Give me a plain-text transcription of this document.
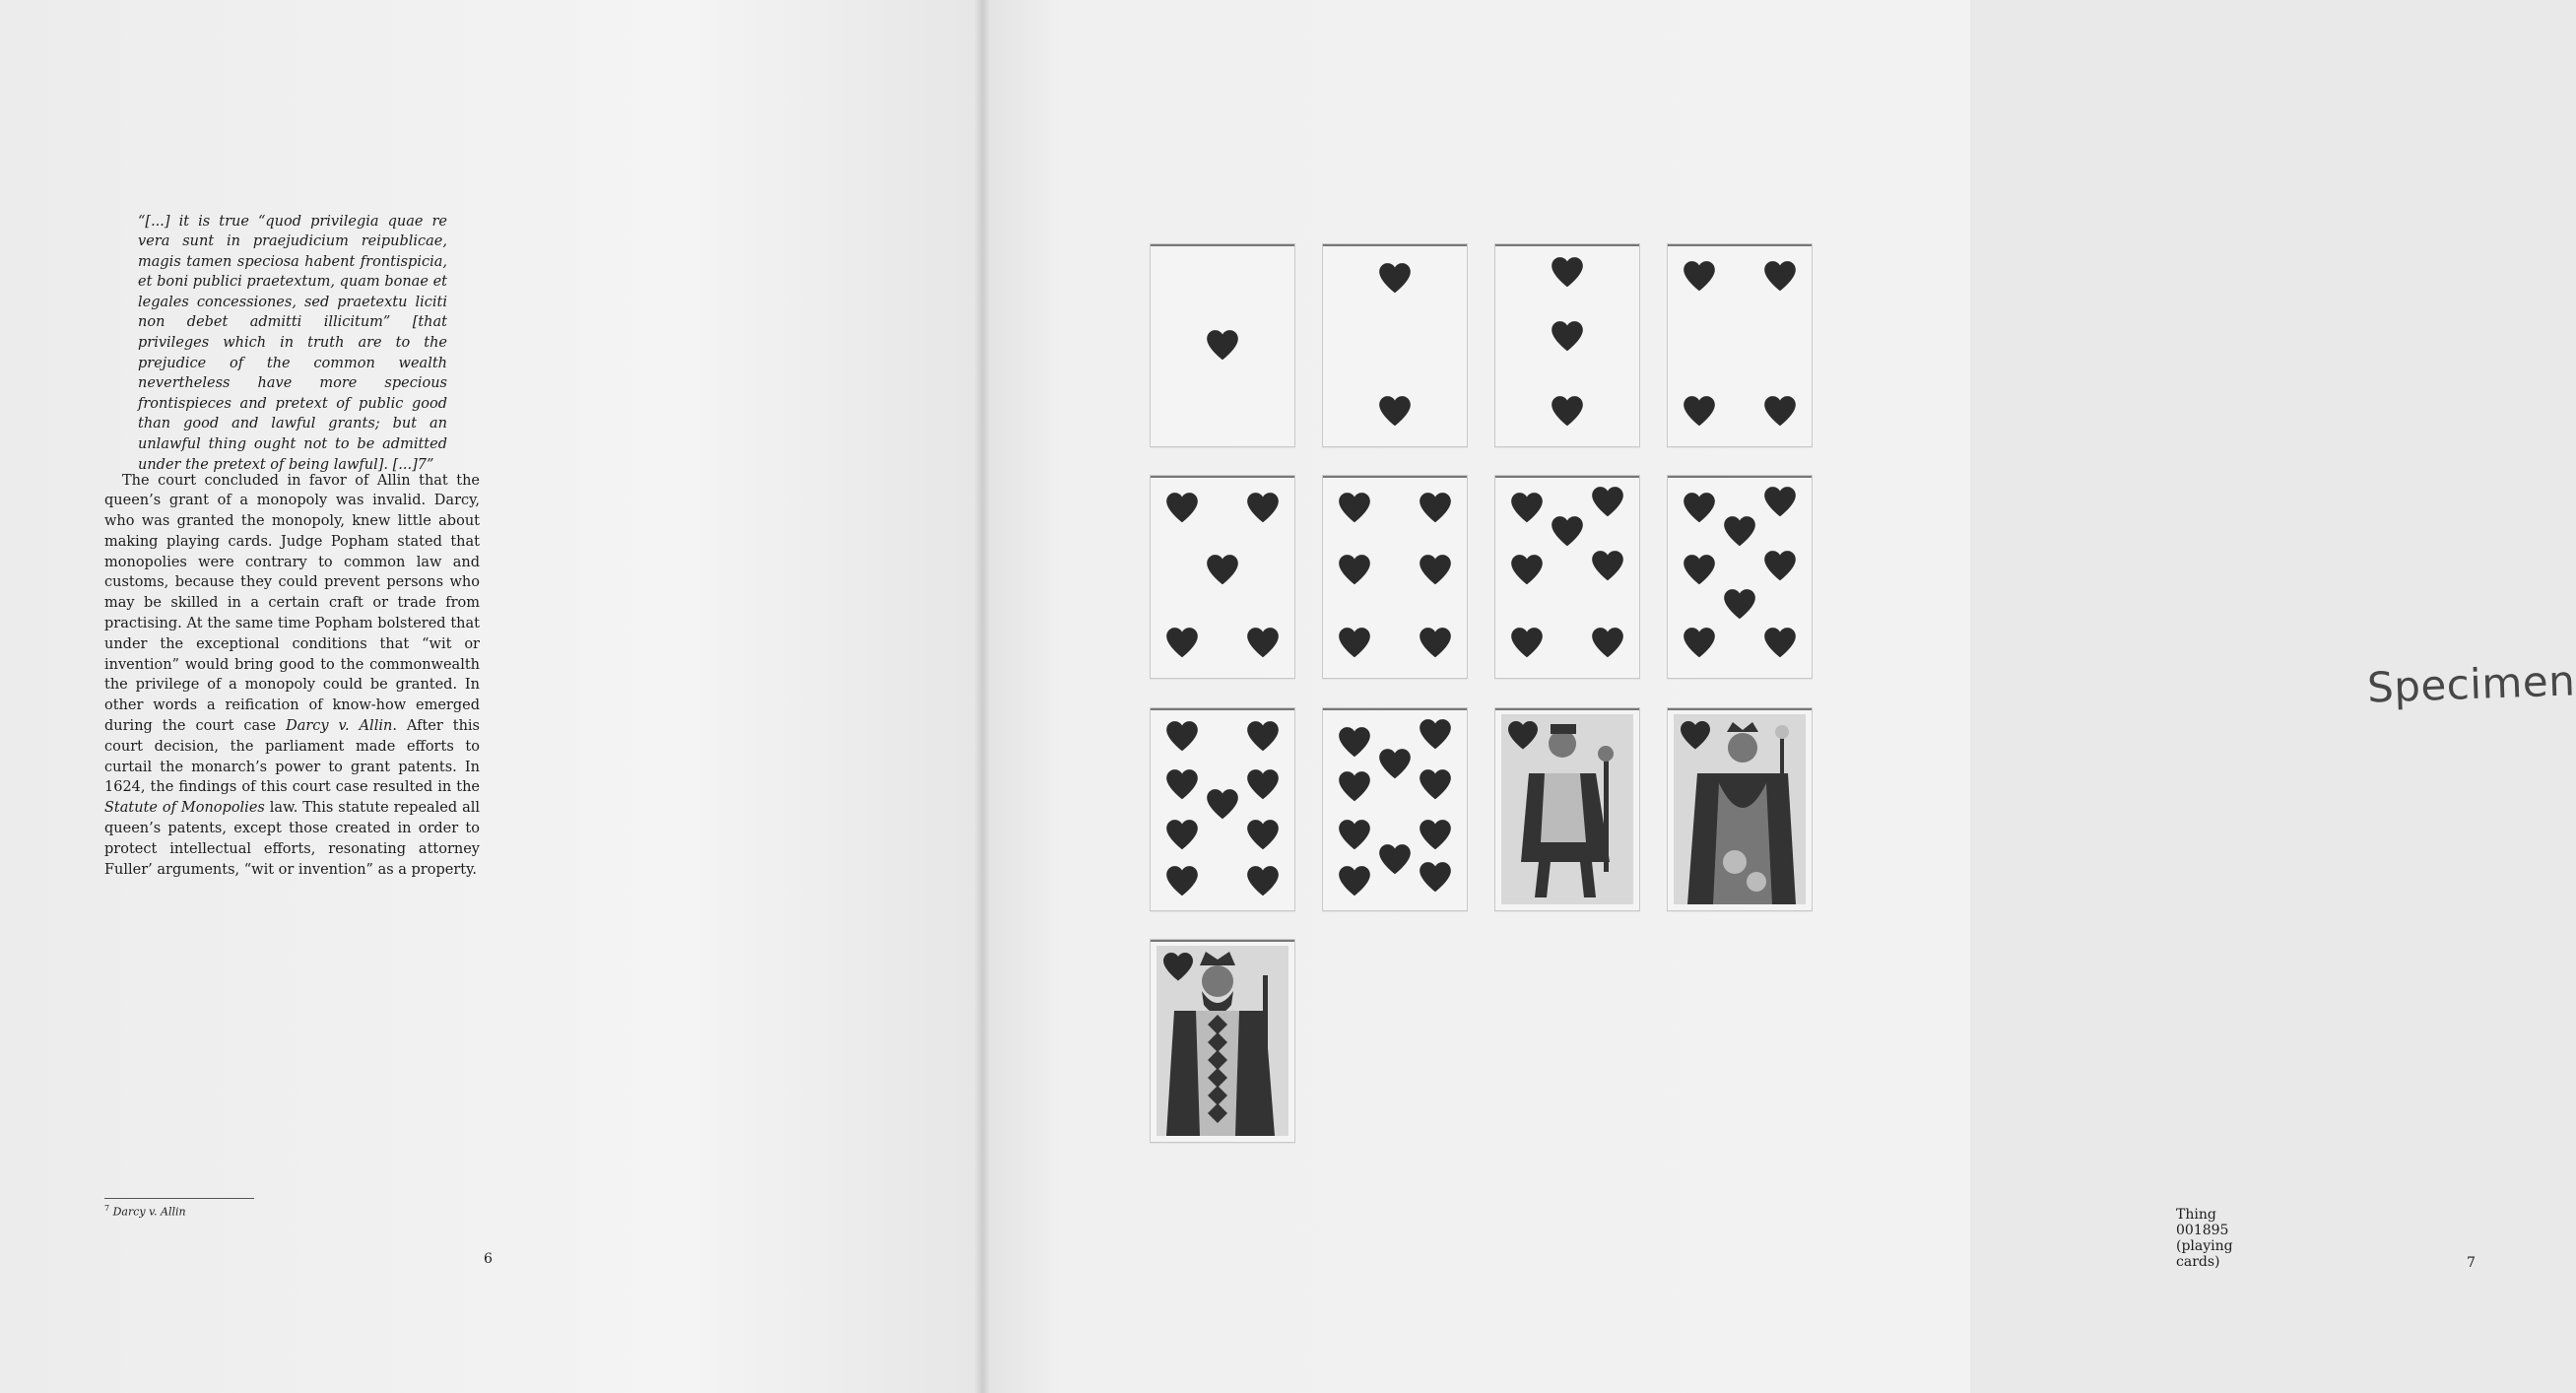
“[...] it is true “quod privilegia quae re vera sunt in praejudicium reipublicae, magis tamen speciosa habent frontispicia, et boni publici praetextum, quam bonae et legales concessiones, sed praetextu liciti non debet admitti illicitum” [that privileges which in truth are to the prejudice of the common wealth nevertheless have more specious frontispieces and pretext of public good than good and lawful grants; but an unlawful thing ought not to be admitted under the pretext of being lawful]. [...]7”

The court concluded in favor of Allin that the queen’s grant of a monopoly was invalid. Darcy, who was granted the monopoly, knew little about making playing cards. Judge Popham stated that monopolies were contrary to common law and customs, because they could prevent persons who may be skilled in a certain craft or trade from practising. At the same time Popham bolstered that under the exceptional conditions that “wit or invention” would bring good to the commonwealth the privilege of a monopoly could be granted. In other words a reification of know-how emerged during the court case Darcy v. Allin. After this court decision, the parliament made efforts to curtail the monarch’s power to grant patents. In 1624, the findings of this court case resulted in the Statute of Monopolies law. This statute repealed all queen’s patents, except those created in order to protect intellectual efforts, resonating attorney Fuller’ arguments, “wit or invention” as a property.

$^7$ Darcy v. Allin
6
Specimen
Thing 001895 (playing cards)	7
